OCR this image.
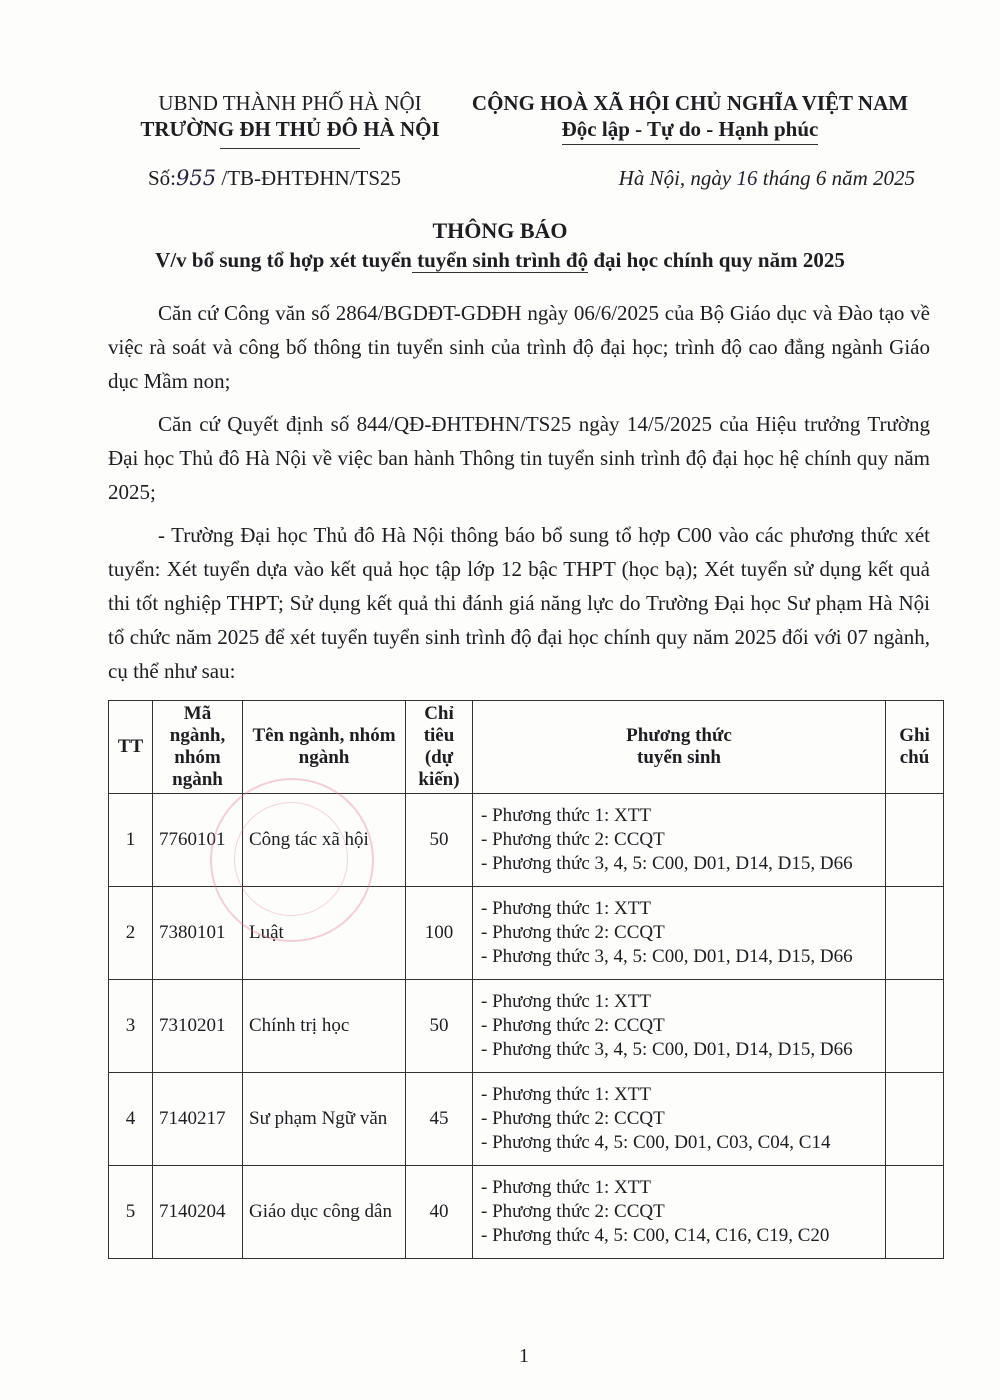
UBND THÀNH PHỐ HÀ NỘI
TRƯỜNG ĐH THỦ ĐÔ HÀ NỘI
CỘNG HOÀ XÃ HỘI CHỦ NGHĨA VIỆT NAM
Độc lập - Tự do - Hạnh phúc
Số:955 /TB-ĐHTĐHN/TS25	Hà Nội, ngày 16 tháng 6 năm 2025
THÔNG BÁO
V/v bổ sung tổ hợp xét tuyển tuyển sinh trình độ đại học chính quy năm 2025

Căn cứ Công văn số 2864/BGDĐT-GDĐH ngày 06/6/2025 của Bộ Giáo dục và Đào tạo về việc rà soát và công bố thông tin tuyển sinh của trình độ đại học; trình độ cao đẳng ngành Giáo dục Mầm non;

Căn cứ Quyết định số 844/QĐ-ĐHTĐHN/TS25 ngày 14/5/2025 của Hiệu trưởng Trường Đại học Thủ đô Hà Nội về việc ban hành Thông tin tuyển sinh trình độ đại học hệ chính quy năm 2025;

- Trường Đại học Thủ đô Hà Nội thông báo bổ sung tổ hợp C00 vào các phương thức xét tuyển: Xét tuyển dựa vào kết quả học tập lớp 12 bậc THPT (học bạ); Xét tuyển sử dụng kết quả thi tốt nghiệp THPT; Sử dụng kết quả thi đánh giá năng lực do Trường Đại học Sư phạm Hà Nội tổ chức năm 2025 để xét tuyển tuyển sinh trình độ đại học chính quy năm 2025 đối với 07 ngành, cụ thể như sau:

TT	Mã ngành, nhóm ngành	Tên ngành, nhóm ngành	Chỉ tiêu (dự kiến)	Phương thức tuyển sinh	Ghi chú
1	7760101	Công tác xã hội	50	- Phương thức 1: XTT
- Phương thức 2: CCQT
- Phương thức 3, 4, 5: C00, D01, D14, D15, D66	

2	7380101	Luật	100	- Phương thức 1: XTT
- Phương thức 2: CCQT
- Phương thức 3, 4, 5: C00, D01, D14, D15, D66	

3	7310201	Chính trị học	50	- Phương thức 1: XTT
- Phương thức 2: CCQT
- Phương thức 3, 4, 5: C00, D01, D14, D15, D66	

4	7140217	Sư phạm Ngữ văn	45	- Phương thức 1: XTT
- Phương thức 2: CCQT
- Phương thức 4, 5: C00, D01, C03, C04, C14	

5	7140204	Giáo dục công dân	40	- Phương thức 1: XTT
- Phương thức 2: CCQT
- Phương thức 4, 5: C00, C14, C16, C19, C20	

1
